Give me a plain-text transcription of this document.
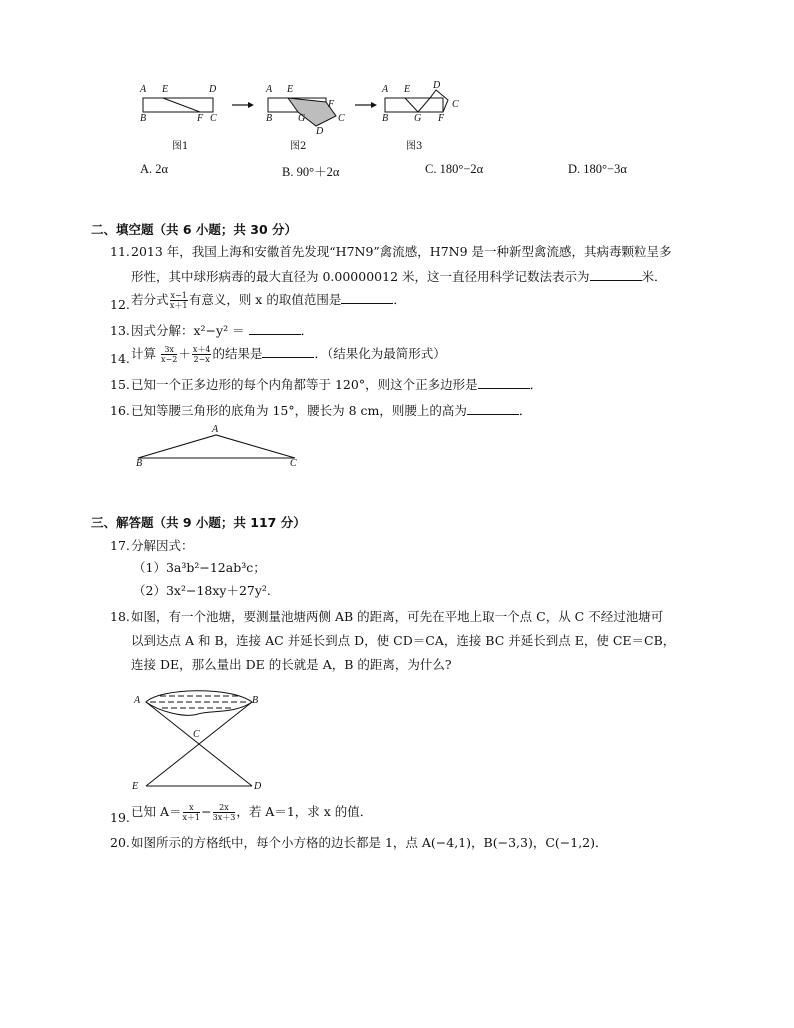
A E	D
B	F C
图1
A E
F
B	G	C
D
图2
A E D
C
B	G F
图3
A. 2α	B. 90°＋2α	C. 180°−2α	D. 180°−3α
二、填空题（共 6 小题；共 30 分）
11. 2013 年，我国上海和安徽首先发现“H7N9”禽流感，H7N9 是一种新型禽流感，其病毒颗粒呈多
形性，其中球形病毒的最大直径为 0.00000012 米，这一直径用科学记数法表示为	米．
12. 若分式 $\frac{x-1}{x+1}$ 有意义，则 x 的取值范围是	．
13. 因式分解：x²−y² ＝	．
14. 计算 $\frac{3x}{x-2} + \frac{x+4}{2-x}$ 的结果是	．（结果化为最简形式）
15. 已知一个正多边形的每个内角都等于 120°，则这个正多边形是	．
16. 已知等腰三角形的底角为 15°，腰长为 8 cm，则腰上的高为	．
A
B	C
三、解答题（共 9 小题；共 117 分）
17. 分解因式：
（1）3a³b²−12ab³c；
（2）3x²−18xy＋27y².
18. 如图，有一个池塘，要测量池塘两侧 AB 的距离，可先在平地上取一个点 C，从 C 不经过池塘可
以到达点 A 和 B，连接 AC 并延长到点 D，使 CD＝CA，连接 BC 并延长到点 E，使 CE＝CB，
连接 DE，那么量出 DE 的长就是 A，B 的距离，为什么?
A	B
C
E	D
19. 已知 $A= \frac{x}{x+1} - \frac{2x}{3x+3}$ ，若 A＝1，求 x 的值．
20. 如图所示的方格纸中，每个小方格的边长都是 1，点 A(−4,1)，B(−3,3)，C(−1,2)．
